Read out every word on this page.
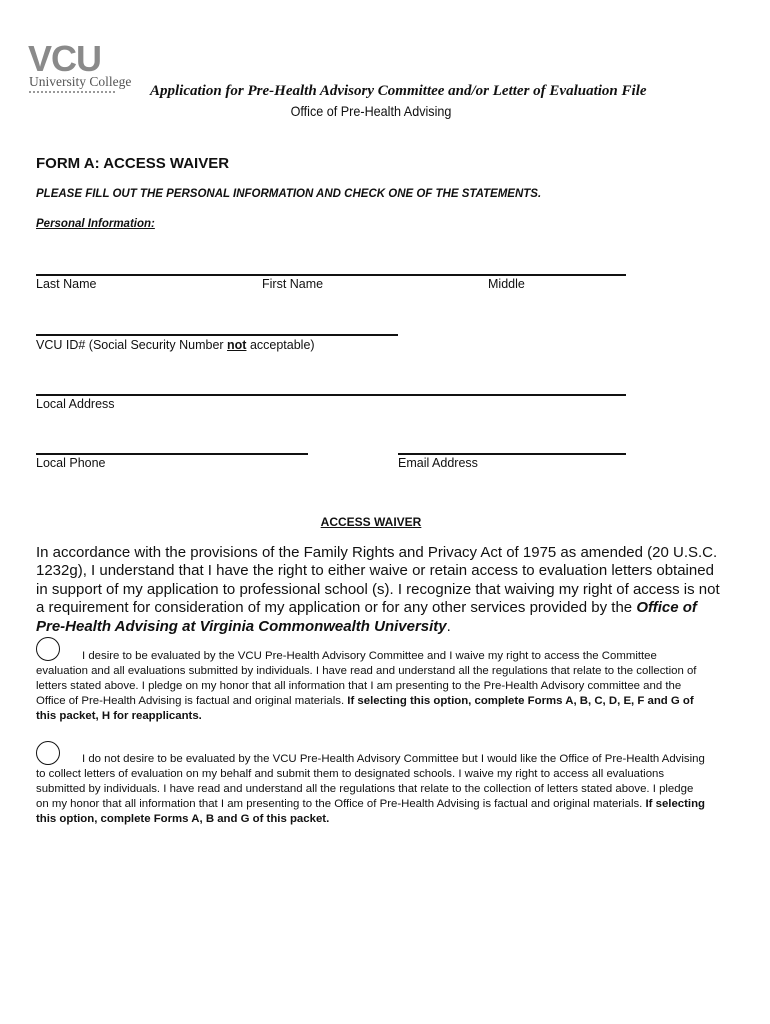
VCU
University College
Application for Pre-Health Advisory Committee and/or Letter of Evaluation File
Office of Pre-Health Advising
FORM A: ACCESS WAIVER
PLEASE FILL OUT THE PERSONAL INFORMATION AND CHECK ONE OF THE STATEMENTS.
Personal Information:
Last Name	First Name	Middle
VCU ID# (Social Security Number not acceptable)
Local Address
Local Phone	Email Address
ACCESS WAIVER
In accordance with the provisions of the Family Rights and Privacy Act of 1975 as amended (20 U.S.C. 1232g), I understand that I have the right to either waive or retain access to evaluation letters obtained in support of my application to professional school (s). I recognize that waiving my right of access is not a requirement for consideration of my application or for any other services provided by the Office of Pre-Health Advising at Virginia Commonwealth University.
I desire to be evaluated by the VCU Pre-Health Advisory Committee and I waive my right to access the Committee evaluation and all evaluations submitted by individuals. I have read and understand all the regulations that relate to the collection of letters stated above. I pledge on my honor that all information that I am presenting to the Pre-Health Advisory committee and the Office of Pre-Health Advising is factual and original materials. If selecting this option, complete Forms A, B, C, D, E, F and G of this packet, H for reapplicants.
I do not desire to be evaluated by the VCU Pre-Health Advisory Committee but I would like the Office of Pre-Health Advising to collect letters of evaluation on my behalf and submit them to designated schools. I waive my right to access all evaluations submitted by individuals. I have read and understand all the regulations that relate to the collection of letters stated above. I pledge on my honor that all information that I am presenting to the Office of Pre-Health Advising is factual and original materials. If selecting this option, complete Forms A, B and G of this packet.
